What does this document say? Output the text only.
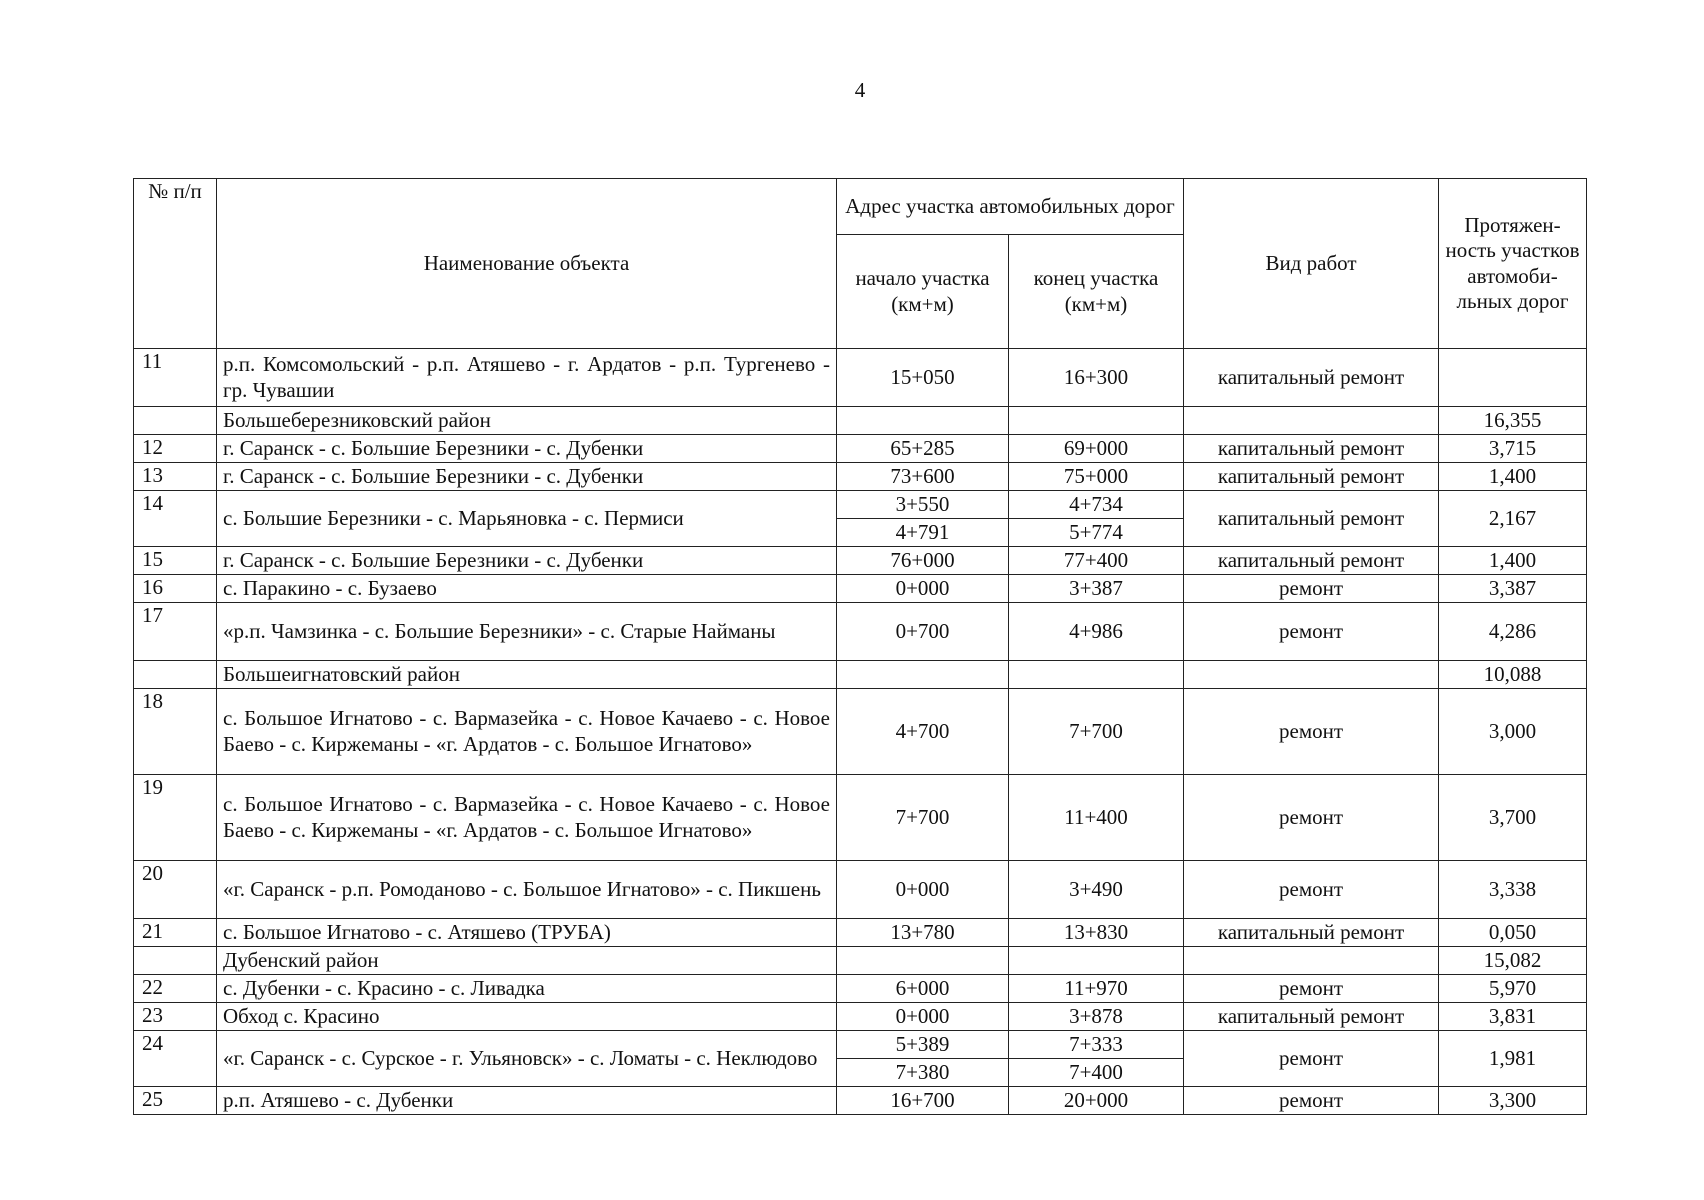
4
№ п/п	Наименование объекта	Адрес участка автомобильных дорог		Вид работ	Протяжен-ность участков автомоби-льных дорог
		начало участка (км+м)	конец участка (км+м)		
11	р.п. Комсомольский - р.п. Атяшево - г. Ардатов - р.п. Тургенево - гр. Чувашии	15+050	16+300	капитальный ремонт	
	Большеберезниковский район				16,355
12	г. Саранск - с. Большие Березники - с. Дубенки	65+285	69+000	капитальный ремонт	3,715
13	г. Саранск - с. Большие Березники - с. Дубенки	73+600	75+000	капитальный ремонт	1,400
14	с. Большие Березники - с. Марьяновка - с. Пермиси	3+550	4+734	капитальный ремонт	2,167
		4+791	5+774		
15	г. Саранск - с. Большие Березники - с. Дубенки	76+000	77+400	капитальный ремонт	1,400
16	с. Паракино - с. Бузаево	0+000	3+387	ремонт	3,387
17	«р.п. Чамзинка - с. Большие Березники» - с. Старые Найманы	0+700	4+986	ремонт	4,286
	Большеигнатовский район				10,088
18	с. Большое Игнатово - с. Вармазейка - с. Новое Качаево - с. Новое Баево - с. Киржеманы - «г. Ардатов - с. Большое Игнатово»	4+700	7+700	ремонт	3,000
19	с. Большое Игнатово - с. Вармазейка - с. Новое Качаево - с. Новое Баево - с. Киржеманы - «г. Ардатов - с. Большое Игнатово»	7+700	11+400	ремонт	3,700
20	«г. Саранск - р.п. Ромоданово - с. Большое Игнатово» - с. Пикшень	0+000	3+490	ремонт	3,338
21	с. Большое Игнатово - с. Атяшево (ТРУБА)	13+780	13+830	капитальный ремонт	0,050
	Дубенский район				15,082
22	с. Дубенки - с. Красино - с. Ливадка	6+000	11+970	ремонт	5,970
23	Обход с. Красино	0+000	3+878	капитальный ремонт	3,831
24	«г. Саранск - с. Сурское - г. Ульяновск» - с. Ломаты - с. Неклюдово	5+389	7+333	ремонт	1,981
		7+380	7+400		
25	р.п. Атяшево - с. Дубенки	16+700	20+000	ремонт	3,300
